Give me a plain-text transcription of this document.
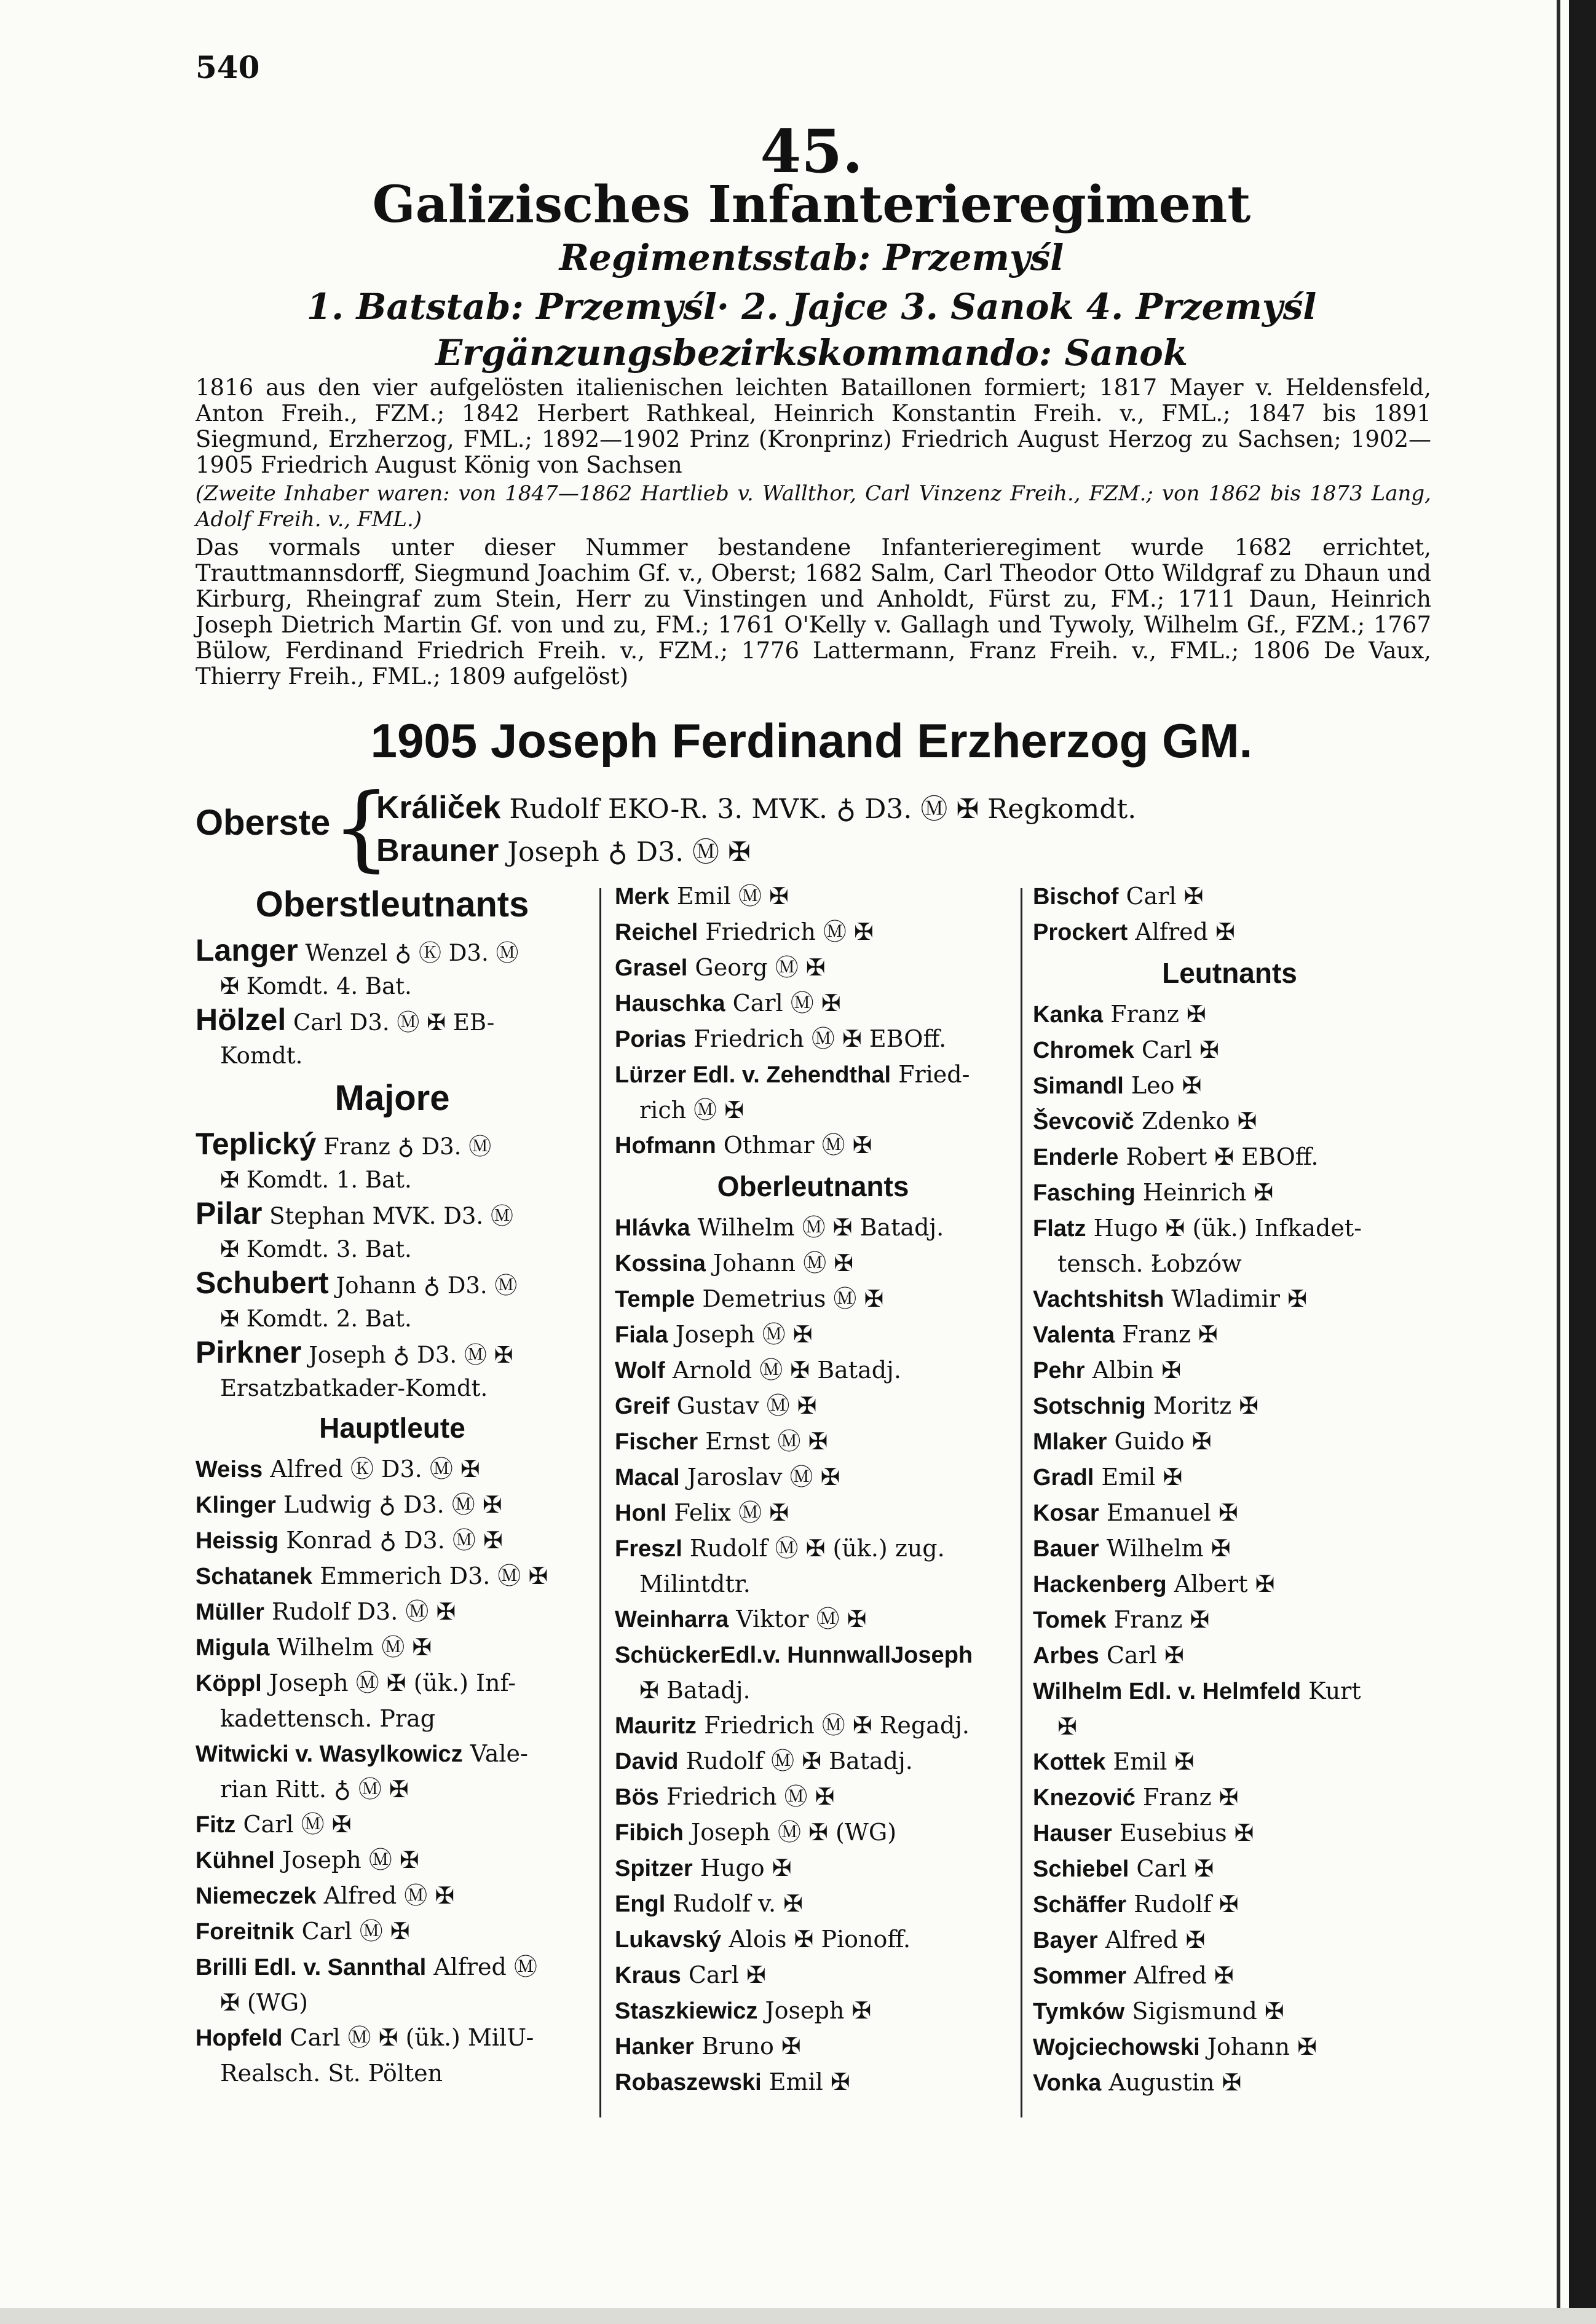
540
45.
Galizisches Infanterieregiment
Regimentsstab: Przemyśl
1. Batstab: Przemyśl· 2. Jajce 3. Sanok 4. Przemyśl
Ergänzungsbezirkskommando: Sanok
1816 aus den vier aufgelösten italienischen leichten Bataillonen formiert; 1817 Mayer v. Heldensfeld, Anton Freih., FZM.; 1842 Herbert Rathkeal, Heinrich Konstantin Freih. v., FML.; 1847 bis 1891 Siegmund, Erzherzog, FML.; 1892—1902 Prinz (Kronprinz) Friedrich August Herzog zu Sachsen; 1902—1905 Friedrich August König von Sachsen
(Zweite Inhaber waren: von 1847—1862 Hartlieb v. Wallthor, Carl Vinzenz Freih., FZM.; von 1862 bis 1873 Lang, Adolf Freih. v., FML.)
Das vormals unter dieser Nummer bestandene Infanterieregiment wurde 1682 errichtet, Trauttmannsdorff, Siegmund Joachim Gf. v., Oberst; 1682 Salm, Carl Theodor Otto Wildgraf zu Dhaun und Kirburg, Rheingraf zum Stein, Herr zu Vinstingen und Anholdt, Fürst zu, FM.; 1711 Daun, Heinrich Joseph Dietrich Martin Gf. von und zu, FM.; 1761 O'Kelly v. Gallagh und Tywoly, Wilhelm Gf., FZM.; 1767 Bülow, Ferdinand Friedrich Freih. v., FZM.; 1776 Lattermann, Franz Freih. v., FML.; 1806 De Vaux, Thierry Freih., FML.; 1809 aufgelöst)
1905 Joseph Ferdinand Erzherzog GM.
Oberste {
Králiček Rudolf EKO-R. 3. MVK. ♁ D3. Ⓜ ✠ Regkomdt.
Brauner Joseph ♁ D3. Ⓜ ✠
Oberstleutnants
Langer Wenzel ♁ Ⓚ D3. Ⓜ
✠ Komdt. 4. Bat.
Hölzel Carl D3. Ⓜ ✠ EB-
Komdt.
Majore
Teplický Franz ♁ D3. Ⓜ
✠ Komdt. 1. Bat.
Pilar Stephan MVK. D3. Ⓜ
✠ Komdt. 3. Bat.
Schubert Johann ♁ D3. Ⓜ
✠ Komdt. 2. Bat.
Pirkner Joseph ♁ D3. Ⓜ ✠
Ersatzbatkader-Komdt.
Hauptleute
Weiss Alfred Ⓚ D3. Ⓜ ✠
Klinger Ludwig ♁ D3. Ⓜ ✠
Heissig Konrad ♁ D3. Ⓜ ✠
Schatanek Emmerich D3. Ⓜ ✠
Müller Rudolf D3. Ⓜ ✠
Migula Wilhelm Ⓜ ✠
Köppl Joseph Ⓜ ✠ (ük.) Inf-
kadettensch. Prag
Witwicki v. Wasylkowicz Vale-
rian Ritt. ♁ Ⓜ ✠
Fitz Carl Ⓜ ✠
Kühnel Joseph Ⓜ ✠
Niemeczek Alfred Ⓜ ✠
Foreitnik Carl Ⓜ ✠
Brilli Edl. v. Sannthal Alfred Ⓜ
✠ (WG)
Hopfeld Carl Ⓜ ✠ (ük.) MilU-
Realsch. St. Pölten
Merk Emil Ⓜ ✠
Reichel Friedrich Ⓜ ✠
Grasel Georg Ⓜ ✠
Hauschka Carl Ⓜ ✠
Porias Friedrich Ⓜ ✠ EBOff.
Lürzer Edl. v. Zehendthal Fried-
rich Ⓜ ✠
Hofmann Othmar Ⓜ ✠
Oberleutnants
Hlávka Wilhelm Ⓜ ✠ Batadj.
Kossina Johann Ⓜ ✠
Temple Demetrius Ⓜ ✠
Fiala Joseph Ⓜ ✠
Wolf Arnold Ⓜ ✠ Batadj.
Greif Gustav Ⓜ ✠
Fischer Ernst Ⓜ ✠
Macal Jaroslav Ⓜ ✠
Honl Felix Ⓜ ✠
Freszl Rudolf Ⓜ ✠ (ük.) zug.
Milintdtr.
Weinharra Viktor Ⓜ ✠
SchückerEdl.v. HunnwallJoseph
✠ Batadj.
Mauritz Friedrich Ⓜ ✠ Regadj.
David Rudolf Ⓜ ✠ Batadj.
Bös Friedrich Ⓜ ✠
Fibich Joseph Ⓜ ✠ (WG)
Spitzer Hugo ✠
Engl Rudolf v. ✠
Lukavský Alois ✠ Pionoff.
Kraus Carl ✠
Staszkiewicz Joseph ✠
Hanker Bruno ✠
Robaszewski Emil ✠
Bischof Carl ✠
Prockert Alfred ✠
Leutnants
Kanka Franz ✠
Chromek Carl ✠
Simandl Leo ✠
Ševcovič Zdenko ✠
Enderle Robert ✠ EBOff.
Fasching Heinrich ✠
Flatz Hugo ✠ (ük.) Infkadet-
tensch. Łobzów
Vachtshitsh Wladimir ✠
Valenta Franz ✠
Pehr Albin ✠
Sotschnig Moritz ✠
Mlaker Guido ✠
Gradl Emil ✠
Kosar Emanuel ✠
Bauer Wilhelm ✠
Hackenberg Albert ✠
Tomek Franz ✠
Arbes Carl ✠
Wilhelm Edl. v. Helmfeld Kurt
✠
Kottek Emil ✠
Knezović Franz ✠
Hauser Eusebius ✠
Schiebel Carl ✠
Schäffer Rudolf ✠
Bayer Alfred ✠
Sommer Alfred ✠
Tymków Sigismund ✠
Wojciechowski Johann ✠
Vonka Augustin ✠
